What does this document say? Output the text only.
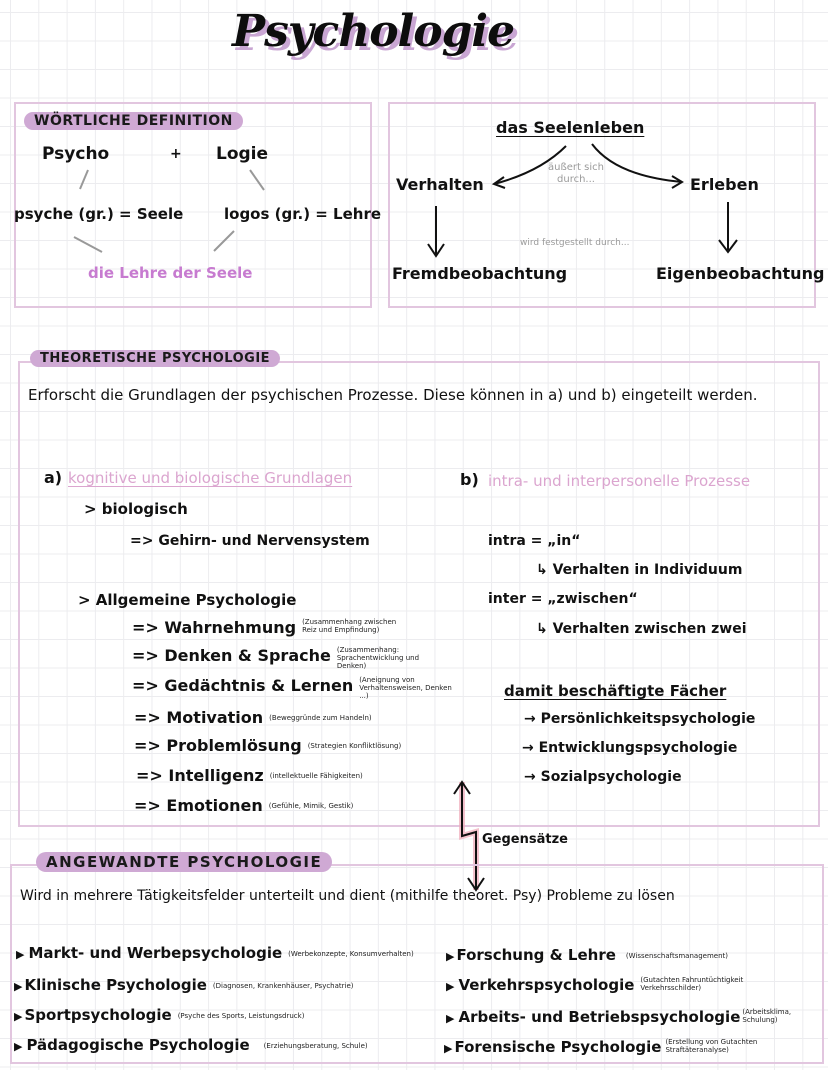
Psychologie
WÖRTLICHE DEFINITION
Psycho	+ Logie
psyche (gr.) = Seele	logos (gr.) = Lehre
die Lehre der Seele
das Seelenleben
äußert sich durch...
Verhalten	Erleben
wird festgestellt durch...
Fremdbeobachtung	Eigenbeobachtung
THEORETISCHE PSYCHOLOGIE
Erforscht die Grundlagen der psychischen Prozesse. Diese können in a) und b) eingeteilt werden.
a) kognitive und biologische Grundlagen
> biologisch
=> Gehirn- und Nervensystem
> Allgemeine Psychologie
=> Wahrnehmung (Zusammenhang zwischen Reiz und Empfindung)
=> Denken & Sprache (Zusammenhang: Sprachentwicklung und Denken)
=> Gedächtnis & Lernen (Aneignung von Verhaltensweisen, Denken ...)
=> Motivation (Beweggründe zum Handeln)
=> Problemlösung (Strategien Konfliktlösung)
=> Intelligenz (intellektuelle Fähigkeiten)
=> Emotionen (Gefühle, Mimik, Gestik)
b) intra- und interpersonelle Prozesse
intra = „in“
↳ Verhalten in Individuum
inter = „zwischen“
↳ Verhalten zwischen zwei
damit beschäftigte Fächer
→ Persönlichkeitspsychologie
→ Entwicklungspsychologie
→ Sozialpsychologie
Gegensätze
ANGEWANDTE PSYCHOLOGIE
Wird in mehrere Tätigkeitsfelder unterteilt und dient (mithilfe theoret. Psy) Probleme zu lösen
▶ Markt- und Werbepsychologie (Werbekonzepte, Konsumverhalten)
▶ Klinische Psychologie (Diagnosen, Krankenhäuser, Psychatrie)
▶ Sportpsychologie (Psyche des Sports, Leistungsdruck)
▶ Pädagogische Psychologie (Erziehungsberatung, Schule)
▶ Forschung & Lehre (Wissenschaftsmanagement)
▶ Verkehrspsychologie (Gutachten Fahruntüchtigkeit Verkehrsschilder)
▶ Arbeits- und Betriebspsychologie (Arbeitsklima, Schulung)
▶ Forensische Psychologie (Erstellung von Gutachten Straftäteranalyse)
